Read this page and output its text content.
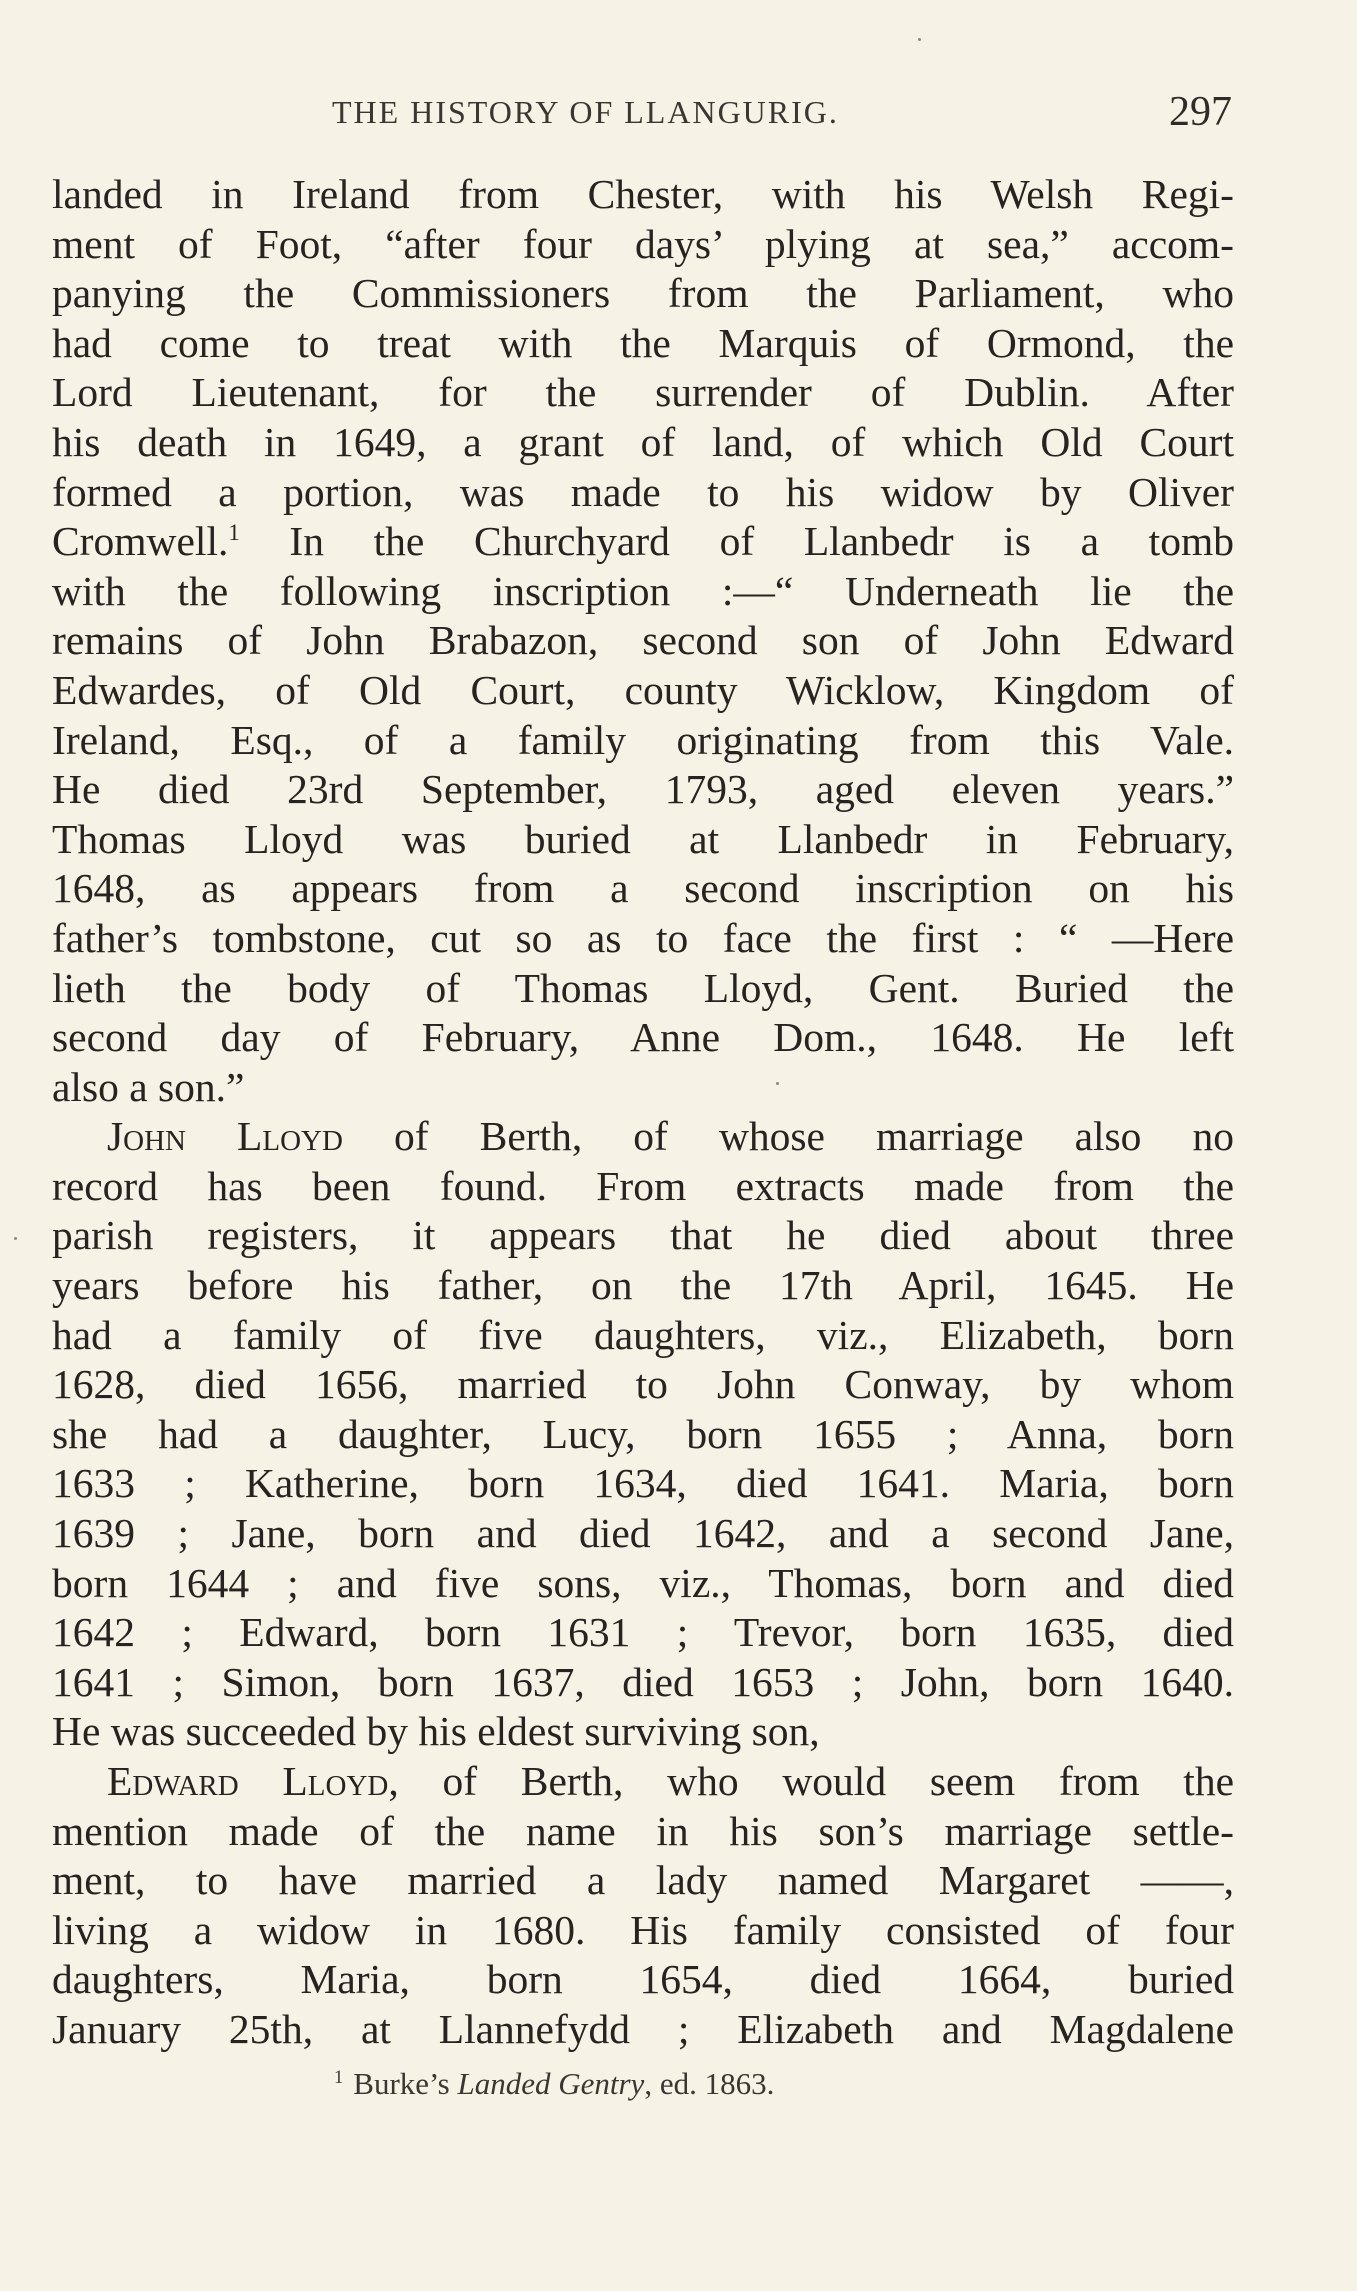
THE HISTORY OF LLANGURIG.	297
landed in Ireland from Chester, with his Welsh Regi-
ment of Foot, “after four days’ plying at sea,” accom-
panying the Commissioners from the Parliament, who
had come to treat with the Marquis of Ormond, the
Lord Lieutenant, for the surrender of Dublin. After
his death in 1649, a grant of land, of which Old Court
formed a portion, was made to his widow by Oliver
Cromwell.$^1$ In the Churchyard of Llanbedr is a tomb
with the following inscription :—“ Underneath lie the
remains of John Brabazon, second son of John Edward
Edwardes, of Old Court, county Wicklow, Kingdom of
Ireland, Esq., of a family originating from this Vale.
He died 23rd September, 1793, aged eleven years.”
Thomas Lloyd was buried at Llanbedr in February,
1648, as appears from a second inscription on his
father’s tombstone, cut so as to face the first : “ —Here
lieth the body of Thomas Lloyd, Gent. Buried the
second day of February, Anne Dom., 1648. He left
also a son.”
John Lloyd of Berth, of whose marriage also no
record has been found. From extracts made from the
parish registers, it appears that he died about three
years before his father, on the 17th April, 1645. He
had a family of five daughters, viz., Elizabeth, born
1628, died 1656, married to John Conway, by whom
she had a daughter, Lucy, born 1655 ; Anna, born
1633 ; Katherine, born 1634, died 1641. Maria, born
1639 ; Jane, born and died 1642, and a second Jane,
born 1644 ; and five sons, viz., Thomas, born and died
1642 ; Edward, born 1631 ; Trevor, born 1635, died
1641 ; Simon, born 1637, died 1653 ; John, born 1640.
He was succeeded by his eldest surviving son,
Edward Lloyd, of Berth, who would seem from the
mention made of the name in his son’s marriage settle-
ment, to have married a lady named Margaret ——,
living a widow in 1680. His family consisted of four
daughters, Maria, born 1654, died 1664, buried
January 25th, at Llannefydd ; Elizabeth and Magdalene
$^1$ Burke’s Landed Gentry, ed. 1863.
